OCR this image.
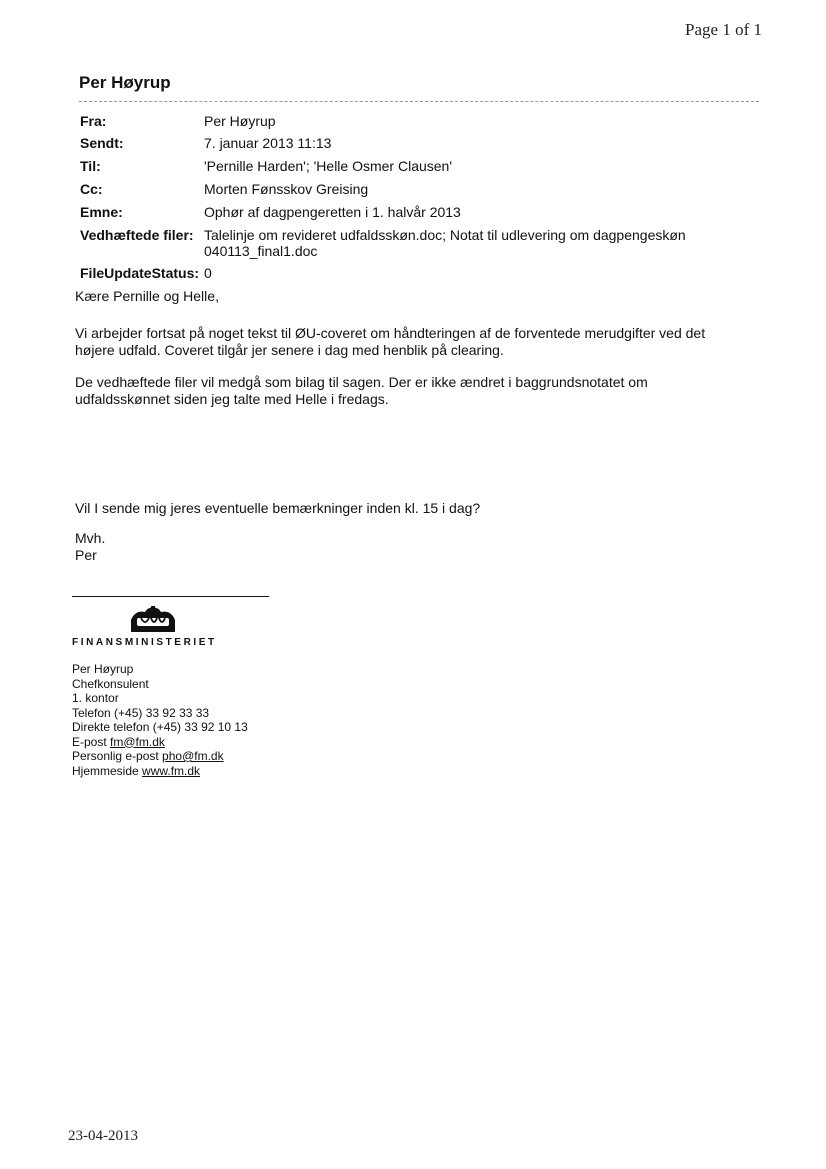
Page 1 of 1
Per Høyrup
Fra:	Per Høyrup
Sendt:	7. januar 2013 11:13
Til:	'Pernille Harden'; 'Helle Osmer Clausen'
Cc:	Morten Fønsskov Greising
Emne:	Ophør af dagpengeretten i 1. halvår 2013
Vedhæftede filer: Talelinje om revideret udfaldsskøn.doc; Notat til udlevering om dagpengeskøn
040113_final1.doc
FileUpdateStatus: 0
Kære Pernille og Helle,
Vi arbejder fortsat på noget tekst til ØU-coveret om håndteringen af de forventede merudgifter ved det
højere udfald. Coveret tilgår jer senere i dag med henblik på clearing.
De vedhæftede filer vil medgå som bilag til sagen. Der er ikke ændret i baggrundsnotatet om
udfaldsskønnet siden jeg talte med Helle i fredags.
Vil I sende mig jeres eventuelle bemærkninger inden kl. 15 i dag?
Mvh.
Per
FINANSMINISTERIET
Per Høyrup
Chefkonsulent
1. kontor
Telefon (+45) 33 92 33 33
Direkte telefon (+45) 33 92 10 13
E-post fm@fm.dk
Personlig e-post pho@fm.dk
Hjemmeside www.fm.dk
23-04-2013
